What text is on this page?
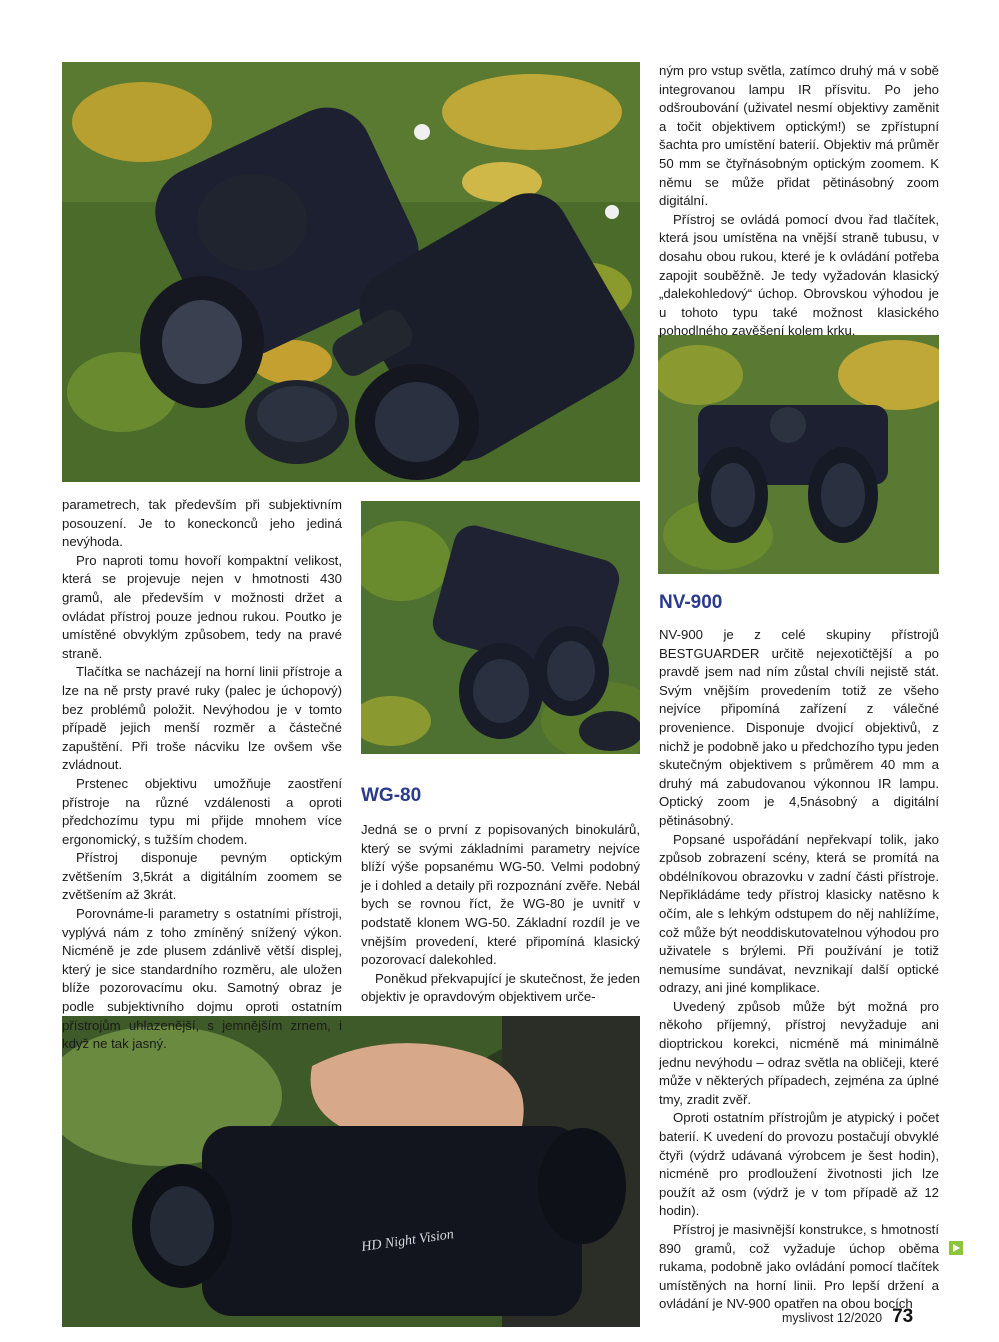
HD Night Vision

ným pro vstup světla, zatímco druhý má v sobě integrovanou lampu IR přísvitu. Po jeho odšroubování (uživatel nesmí objektivy zaměnit a točit objektivem optickým!) se zpřístupní šachta pro umístění baterií. Objektiv má průměr 50 mm se čtyřnásobným optickým zoomem. K němu se může přidat pětinásobný zoom digitální.

Přístroj se ovládá pomocí dvou řad tlačítek, která jsou umístěna na vnější straně tubusu, v dosahu obou rukou, které je k ovládání potřeba zapojit souběžně. Je tedy vyžadován klasický „dalekohledový“ úchop. Obrovskou výhodou je u tohoto typu také možnost klasického pohodlného zavěšení kolem krku.

parametrech, tak především při subjektivním posouzení. Je to koneckonců jeho jediná nevýhoda.

Pro naproti tomu hovoří kompaktní velikost, která se projevuje nejen v hmotnosti 430 gramů, ale především v možnosti držet a ovládat přístroj pouze jednou rukou. Poutko je umístěné obvyklým způsobem, tedy na pravé straně.

Tlačítka se nacházejí na horní linii přístroje a lze na ně prsty pravé ruky (palec je úchopový) bez problémů položit. Nevýhodou je v tomto případě jejich menší rozměr a částečné zapuštění. Při troše nácviku lze ovšem vše zvládnout.

Prstenec objektivu umožňuje zaostření přístroje na různé vzdálenosti a oproti předchozímu typu mi přijde mnohem více ergonomický, s tužším chodem.

Přístroj disponuje pevným optickým zvětšením 3,5krát a digitálním zoomem se zvětšením až 3krát.

Porovnáme-li parametry s ostatními přístroji, vyplývá nám z toho zmíněný snížený výkon. Nicméně je zde plusem zdánlivě větší displej, který je sice standardního rozměru, ale uložen blíže pozorovacímu oku. Samotný obraz je podle subjektivního dojmu oproti ostatním přístrojům uhlazenější, s jemnějším zrnem, i když ne tak jasný.

WG-80

Jedná se o první z popisovaných binokulárů, který se svými základními parametry nejvíce blíží výše popsanému WG-50. Velmi podobný je i dohled a detaily při rozpoznání zvěře. Nebál bych se rovnou říct, že WG-80 je uvnitř v podstatě klonem WG-50. Základní rozdíl je ve vnějším provedení, které připomíná klasický pozorovací dalekohled.

Poněkud překvapující je skutečnost, že jeden objektiv je opravdovým objektivem urče-

NV-900

NV-900 je z celé skupiny přístrojů BESTGUARDER určitě nejexotičtější a po pravdě jsem nad ním zůstal chvíli nejistě stát. Svým vnějším provedením totiž ze všeho nejvíce připomíná zařízení z válečné provenience. Disponuje dvojicí objektivů, z nichž je podobně jako u předchozího typu jeden skutečným objektivem s průměrem 40 mm a druhý má zabudovanou výkonnou IR lampu. Optický zoom je 4,5násobný a digitální pětinásobný.

Popsané uspořádání nepřekvapí tolik, jako způsob zobrazení scény, která se promítá na obdélníkovou obrazovku v zadní části přístroje. Nepřikládáme tedy přístroj klasicky natěsno k očím, ale s lehkým odstupem do něj nahlížíme, což může být neoddiskutovatelnou výhodou pro uživatele s brýlemi. Při používání je totiž nemusíme sundávat, nevznikají další optické odrazy, ani jiné komplikace.

Uvedený způsob může být možná pro někoho příjemný, přístroj nevyžaduje ani dioptrickou korekci, nicméně má minimálně jednu nevýhodu – odraz světla na obličeji, které může v některých případech, zejména za úplné tmy, zradit zvěř.

Oproti ostatním přístrojům je atypický i počet baterií. K uvedení do provozu postačují obvyklé čtyři (výdrž udávaná výrobcem je šest hodin), nicméně pro prodloužení životnosti jich lze použít až osm (výdrž je v tom případě až 12 hodin).

Přístroj je masivnější konstrukce, s hmotností 890 gramů, což vyžaduje úchop oběma rukama, podobně jako ovládání pomocí tlačítek umístěných na horní linii. Pro lepší držení a ovládání je NV-900 opatřen na obou bocích

myslivost 12/2020 73
